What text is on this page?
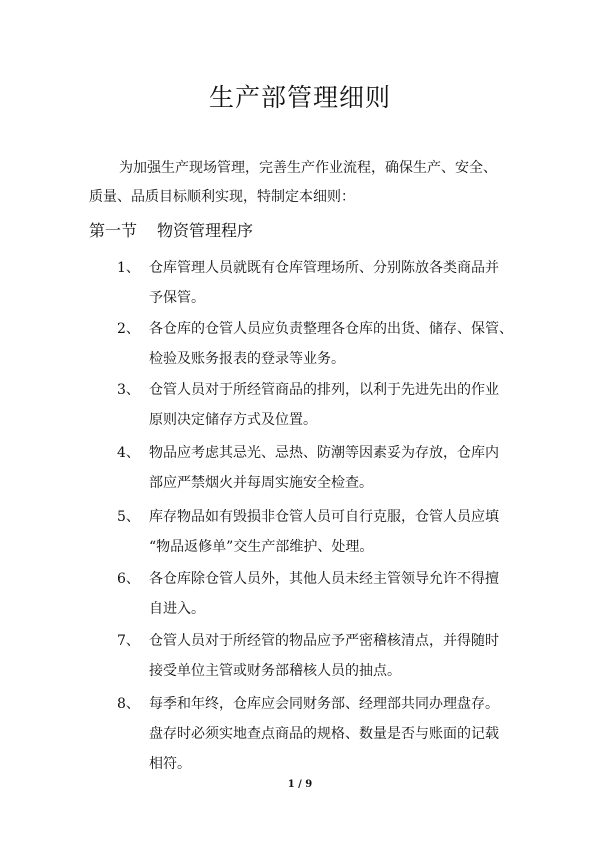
生产部管理细则
为加强生产现场管理，完善生产作业流程，确保生产、安全、
质量、品质目标顺利实现，特制定本细则：
第一节 物资管理程序
1、 仓库管理人员就既有仓库管理场所、分别陈放各类商品并
予保管。
2、 各仓库的仓管人员应负责整理各仓库的出货、储存、保管、
检验及账务报表的登录等业务。
3、 仓管人员对于所经管商品的排列，以利于先进先出的作业
原则决定储存方式及位置。
4、 物品应考虑其忌光、忌热、防潮等因素妥为存放，仓库内
部应严禁烟火并每周实施安全检查。
5、 库存物品如有毁损非仓管人员可自行克服，仓管人员应填
“物品返修单”交生产部维护、处理。
6、 各仓库除仓管人员外，其他人员未经主管领导允许不得擅
自进入。
7、 仓管人员对于所经管的物品应予严密稽核清点，并得随时
接受单位主管或财务部稽核人员的抽点。
8、 每季和年终，仓库应会同财务部、经理部共同办理盘存。
盘存时必须实地查点商品的规格、数量是否与账面的记载
相符。
1 / 9
